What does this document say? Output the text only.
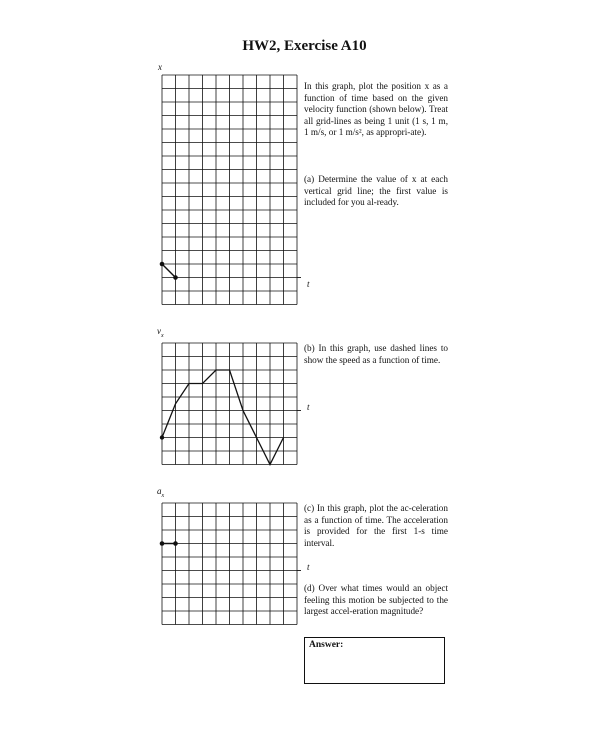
HW2, Exercise A10
x
t
$v_x$
t
$a_x$
t

In this graph, plot the position x as a function of time based on the given velocity function (shown below). Treat all grid-lines as being 1 unit (1 s, 1 m, 1 m/s, or 1 m/s², as appropri-ate).

(a) Determine the value of x at each vertical grid line; the first value is included for you al-ready.

(b) In this graph, use dashed lines to show the speed as a function of time.

(c) In this graph, plot the ac-celeration as a function of time. The acceleration is provided for the first 1-s time interval.

(d) Over what times would an object feeling this motion be subjected to the largest accel-eration magnitude?

Answer:
